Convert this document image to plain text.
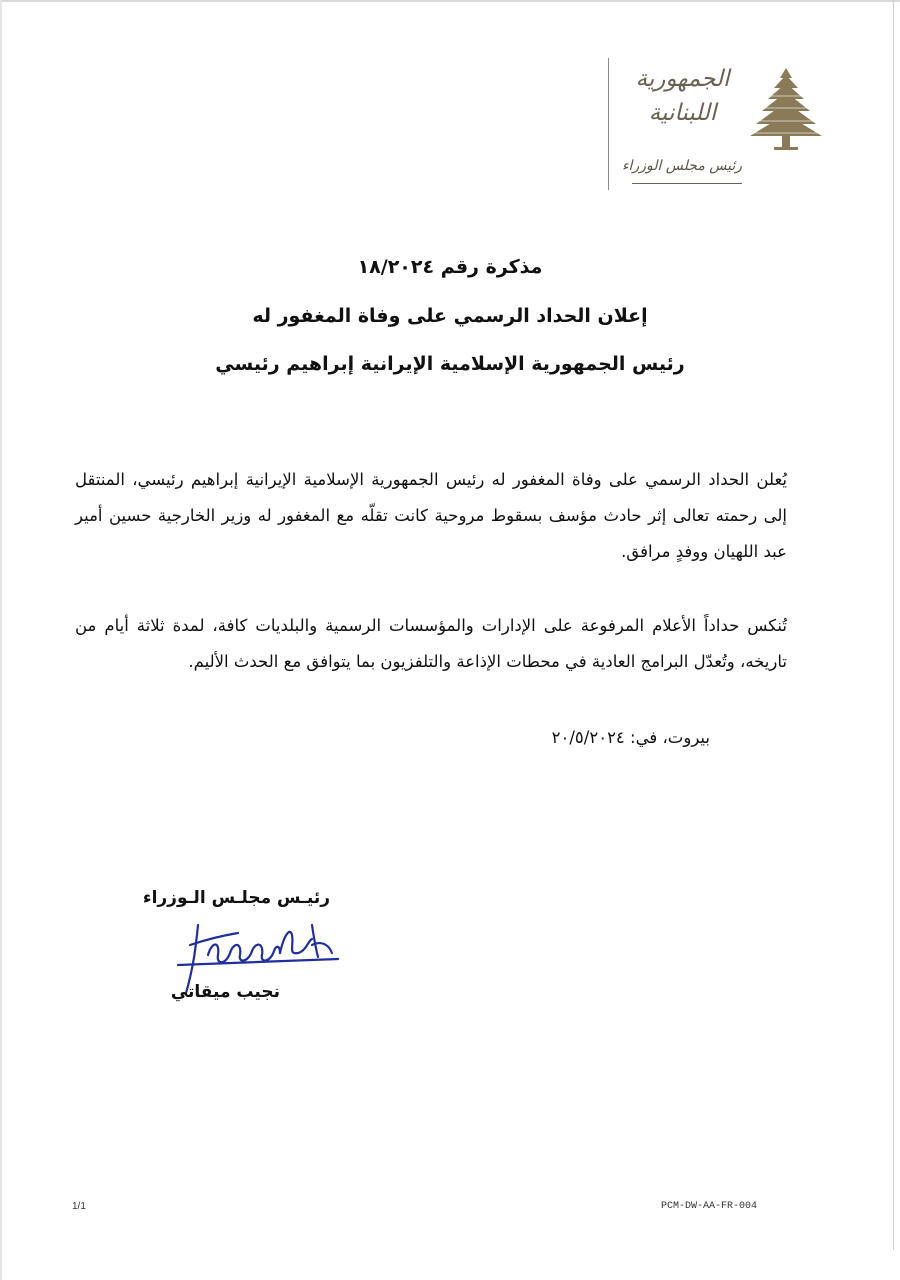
الجمهورية
اللبنانية
رئيس مجلس الوزراء
مذكرة رقم ١٨/٢٠٢٤
إعلان الحداد الرسمي على وفاة المغفور له
رئيس الجمهورية الإسلامية الإيرانية إبراهيم رئيسي
يُعلن الحداد الرسمي على وفاة المغفور له رئيس الجمهورية الإسلامية الإيرانية إبراهيم رئيسي، المنتقل إلى رحمته تعالى إثر حادث مؤسف بسقوط مروحية كانت تقلّه مع المغفور له وزير الخارجية حسين أمير عبد اللهيان ووفدٍ مرافق.
تُنكس حداداً الأعلام المرفوعة على الإدارات والمؤسسات الرسمية والبلديات كافة، لمدة ثلاثة أيام من تاريخه، وتُعدّل البرامج العادية في محطات الإذاعة والتلفزيون بما يتوافق مع الحدث الأليم.
بيروت، في: ٢٠/٥/٢٠٢٤
رئيـس مجلـس الـوزراء
نجيب ميقاتي
1/1	PCM-DW-AA-FR-004
